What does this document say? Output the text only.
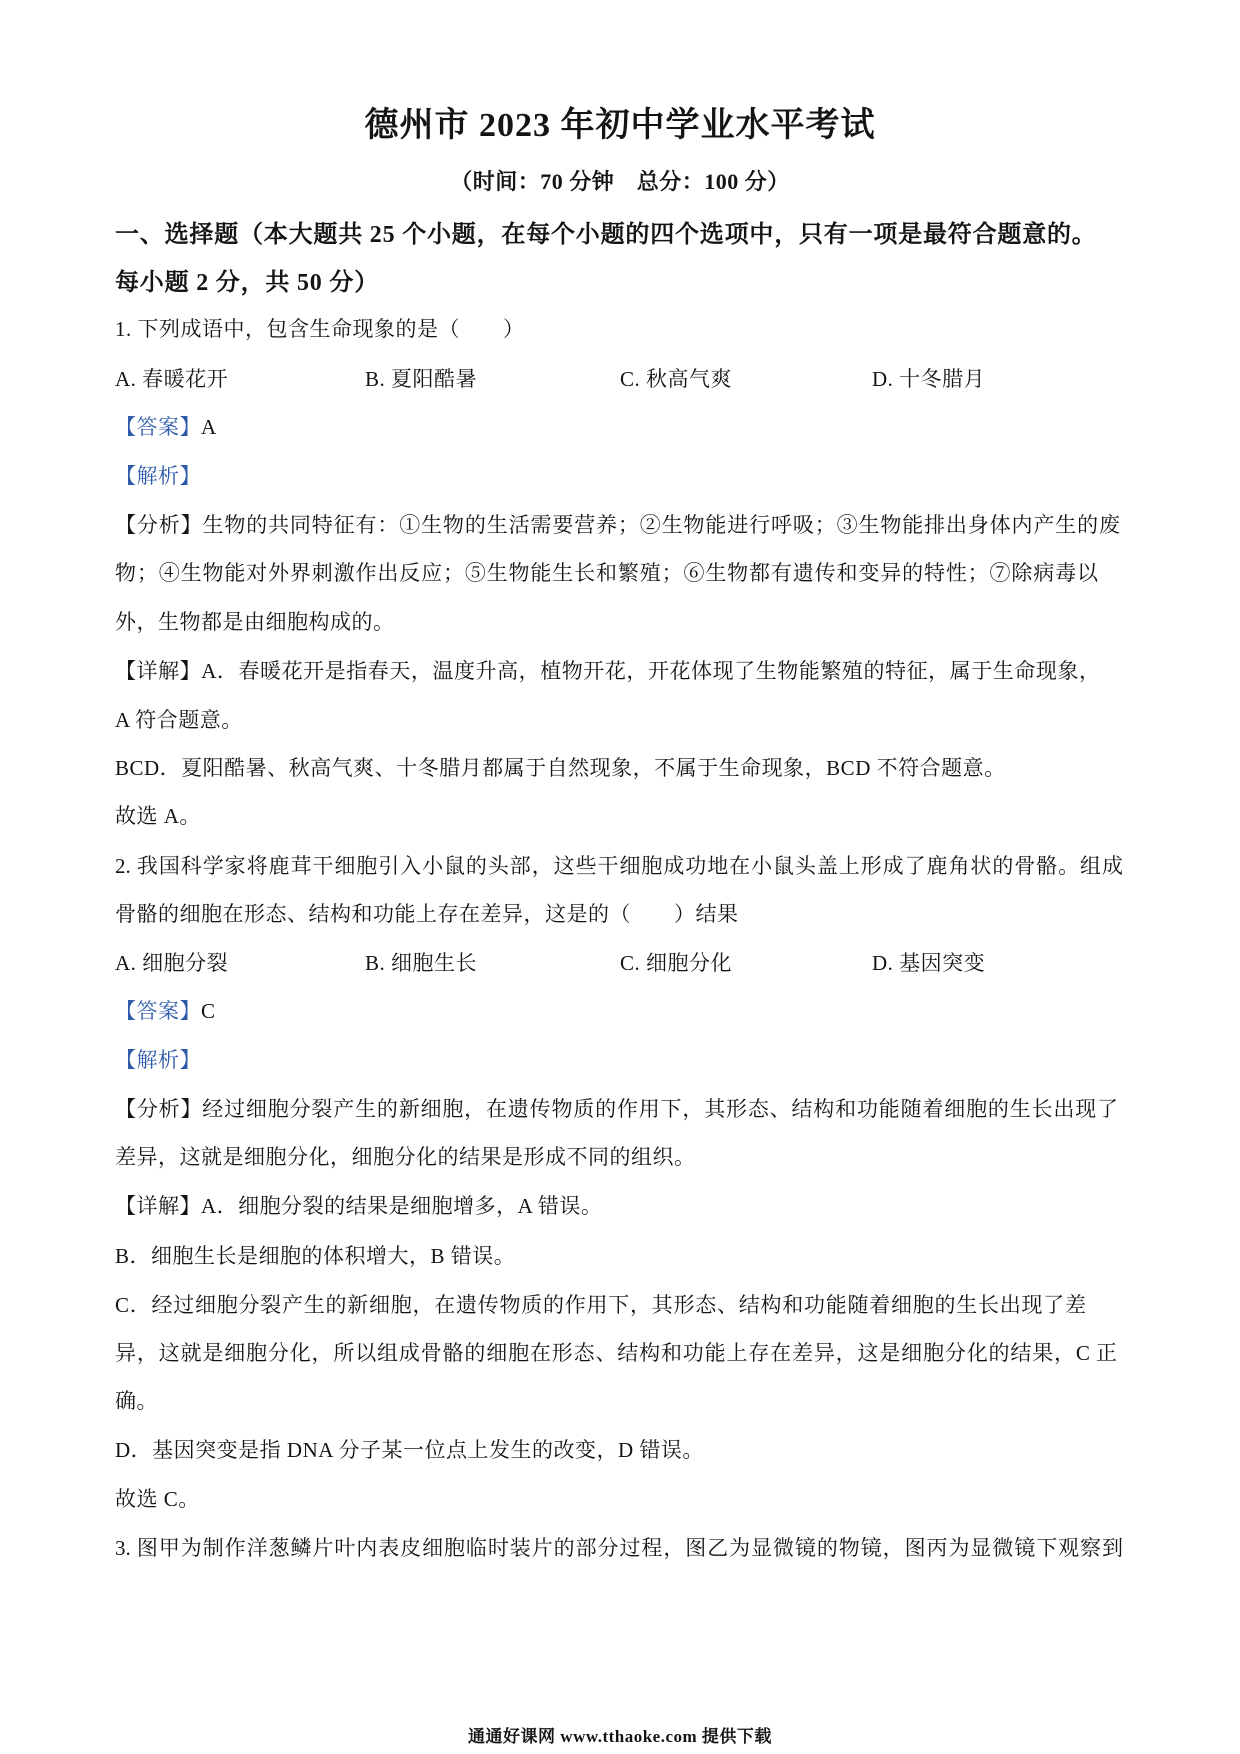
德州市 2023 年初中学业水平考试
（时间：70 分钟　总分：100 分）
一、选择题（本大题共 25 个小题，在每个小题的四个选项中，只有一项是最符合题意的。
每小题 2 分，共 50 分）
1. 下列成语中，包含生命现象的是（　　）
A. 春暖花开	B. 夏阳酷暑	C. 秋高气爽	D. 十冬腊月
【答案】A
【解析】
【分析】生物的共同特征有：①生物的生活需要营养；②生物能进行呼吸；③生物能排出身体内产生的废
物；④生物能对外界刺激作出反应；⑤生物能生长和繁殖；⑥生物都有遗传和变异的特性；⑦除病毒以
外，生物都是由细胞构成的。
【详解】A．春暖花开是指春天，温度升高，植物开花，开花体现了生物能繁殖的特征，属于生命现象，
A 符合题意。
BCD．夏阳酷暑、秋高气爽、十冬腊月都属于自然现象，不属于生命现象，BCD 不符合题意。
故选 A。
2. 我国科学家将鹿茸干细胞引入小鼠的头部，这些干细胞成功地在小鼠头盖上形成了鹿角状的骨骼。组成
骨骼的细胞在形态、结构和功能上存在差异，这是的（　　）结果
A. 细胞分裂	B. 细胞生长	C. 细胞分化	D. 基因突变
【答案】C
【解析】
【分析】经过细胞分裂产生的新细胞，在遗传物质的作用下，其形态、结构和功能随着细胞的生长出现了
差异，这就是细胞分化，细胞分化的结果是形成不同的组织。
【详解】A．细胞分裂的结果是细胞增多，A 错误。
B．细胞生长是细胞的体积增大，B 错误。
C．经过细胞分裂产生的新细胞，在遗传物质的作用下，其形态、结构和功能随着细胞的生长出现了差
异，这就是细胞分化，所以组成骨骼的细胞在形态、结构和功能上存在差异，这是细胞分化的结果，C 正
确。
D．基因突变是指 DNA 分子某一位点上发生的改变，D 错误。
故选 C。
3. 图甲为制作洋葱鳞片叶内表皮细胞临时装片的部分过程，图乙为显微镜的物镜，图丙为显微镜下观察到
通通好课网 www.tthaoke.com 提供下载
